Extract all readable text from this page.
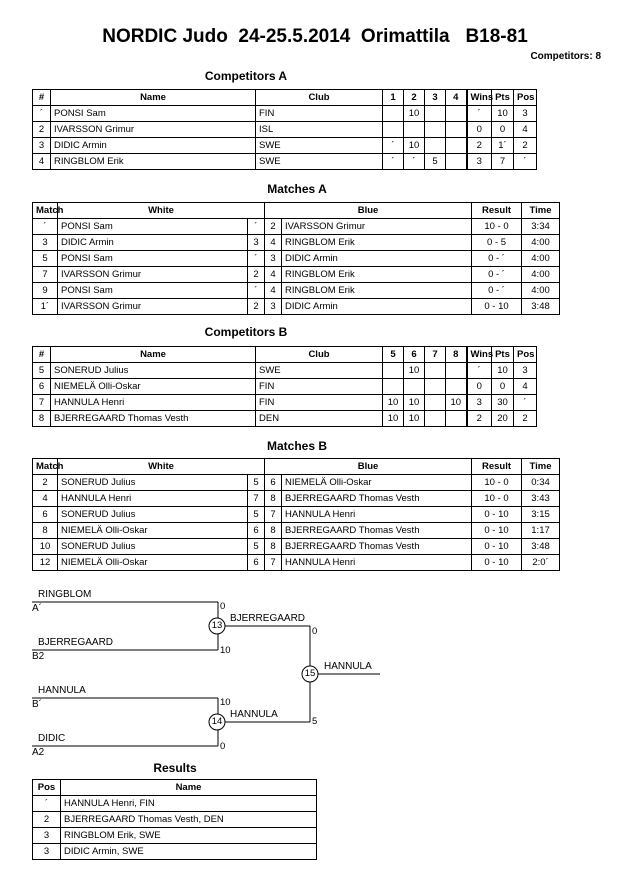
NORDIC Judo  24-25.5.2014  Orimattila   B18-81
Competitors: 8
Competitors A
#	Name	Club	1	2	3	4	Wins	Pts	Pos
´	PONSI Sam	FIN		10			´	10	3
2	IVARSSON Grimur	ISL					0	0	4
3	DIDIC Armin	SWE	´	10			2	1´	2
4	RINGBLOM Erik	SWE	´	´	5		3	7	´
Matches A
Match	White		Blue		Result	Time
´	PONSI Sam	´	2	IVARSSON Grimur	10 - 0	3:34
3	DIDIC Armin	3	4	RINGBLOM Erik	0 - 5	4:00
5	PONSI Sam	´	3	DIDIC Armin	0 - ´	4:00
7	IVARSSON Grimur	2	4	RINGBLOM Erik	0 - ´	4:00
9	PONSI Sam	´	4	RINGBLOM Erik	0 - ´	4:00
1´	IVARSSON Grimur	2	3	DIDIC Armin	0 - 10	3:48
Competitors B
#	Name	Club	5	6	7	8	Wins	Pts	Pos
5	SONERUD Julius	SWE		10			´	10	3
6	NIEMELÄ Olli-Oskar	FIN					0	0	4
7	HANNULA Henri	FIN	10	10		10	3	30	´
8	BJERREGAARD Thomas Vesth	DEN	10	10			2	20	2
Matches B
Match	White		Blue		Result	Time
2	SONERUD Julius	5	6	NIEMELÄ Olli-Oskar	10 - 0	0:34
4	HANNULA Henri	7	8	BJERREGAARD Thomas Vesth	10 - 0	3:43
6	SONERUD Julius	5	7	HANNULA Henri	0 - 10	3:15
8	NIEMELÄ Olli-Oskar	6	8	BJERREGAARD Thomas Vesth	0 - 10	1:17
10	SONERUD Julius	5	8	BJERREGAARD Thomas Vesth	0 - 10	3:48
12	NIEMELÄ Olli-Oskar	6	7	HANNULA Henri	0 - 10	2:0´
RINGBLOM
A´	0
BJERREGAARD
B2
10
13
BJERREGAARD
0
HANNULA
B´	10
DIDIC
A2
0
14
HANNULA
5
15
HANNULA
Results
Pos	Name
´	HANNULA Henri, FIN
2	BJERREGAARD Thomas Vesth, DEN
3	RINGBLOM Erik, SWE
3	DIDIC Armin, SWE
